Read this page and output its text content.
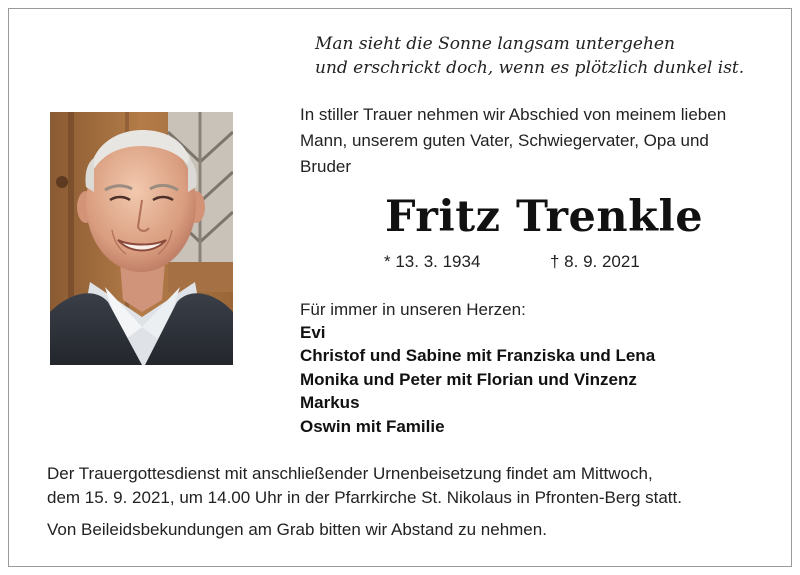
Man sieht die Sonne langsam untergehen
und erschrickt doch, wenn es plötzlich dunkel ist.
In stiller Trauer nehmen wir Abschied von meinem lieben Mann, unserem guten Vater, Schwiegervater, Opa und Bruder
Fritz Trenkle
* 13. 3. 1934	† 8. 9. 2021
Für immer in unseren Herzen:
Evi
Christof und Sabine mit Franziska und Lena
Monika und Peter mit Florian und Vinzenz
Markus
Oswin mit Familie
Der Trauergottesdienst mit anschließender Urnenbeisetzung findet am Mittwoch,
dem 15. 9. 2021, um 14.00 Uhr in der Pfarrkirche St. Nikolaus in Pfronten-Berg statt.
Von Beileidsbekundungen am Grab bitten wir Abstand zu nehmen.
